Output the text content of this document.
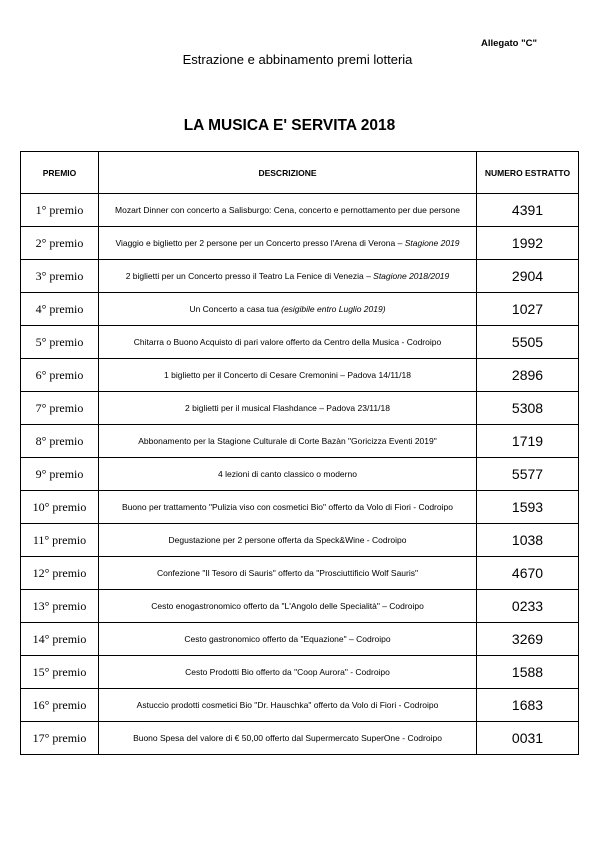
Allegato "C"
Estrazione e abbinamento premi lotteria
LA MUSICA E' SERVITA 2018
PREMIO	DESCRIZIONE	NUMERO ESTRATTO
1° premio	Mozart Dinner con concerto a Salisburgo: Cena, concerto e pernottamento per due persone	4391
2° premio	Viaggio e biglietto per 2 persone per un Concerto presso l'Arena di Verona – Stagione 2019	1992
3° premio	2 biglietti per un Concerto presso il Teatro La Fenice di Venezia – Stagione 2018/2019	2904
4° premio	Un Concerto a casa tua (esigibile entro Luglio 2019)	1027
5° premio	Chitarra o Buono Acquisto di pari valore offerto da Centro della Musica - Codroipo	5505
6° premio	1 biglietto per il Concerto di Cesare Cremonini – Padova 14/11/18	2896
7° premio	2 biglietti per il musical Flashdance – Padova 23/11/18	5308
8° premio	Abbonamento per la Stagione Culturale di Corte Bazàn "Goricizza Eventi 2019"	1719
9° premio	4 lezioni di canto classico o moderno	5577
10° premio	Buono per trattamento "Pulizia viso con cosmetici Bio" offerto da Volo di Fiori - Codroipo	1593
11° premio	Degustazione per 2 persone offerta da Speck&Wine - Codroipo	1038
12° premio	Confezione "Il Tesoro di Sauris" offerto da "Prosciuttificio Wolf Sauris"	4670
13° premio	Cesto enogastronomico offerto da "L'Angolo delle Specialità" – Codroipo	0233
14° premio	Cesto gastronomico offerto da "Equazione" – Codroipo	3269
15° premio	Cesto Prodotti Bio offerto da "Coop Aurora" - Codroipo	1588
16° premio	Astuccio prodotti cosmetici Bio "Dr. Hauschka" offerto da Volo di Fiori - Codroipo	1683
17° premio	Buono Spesa del valore di € 50,00 offerto dal Supermercato SuperOne - Codroipo	0031
